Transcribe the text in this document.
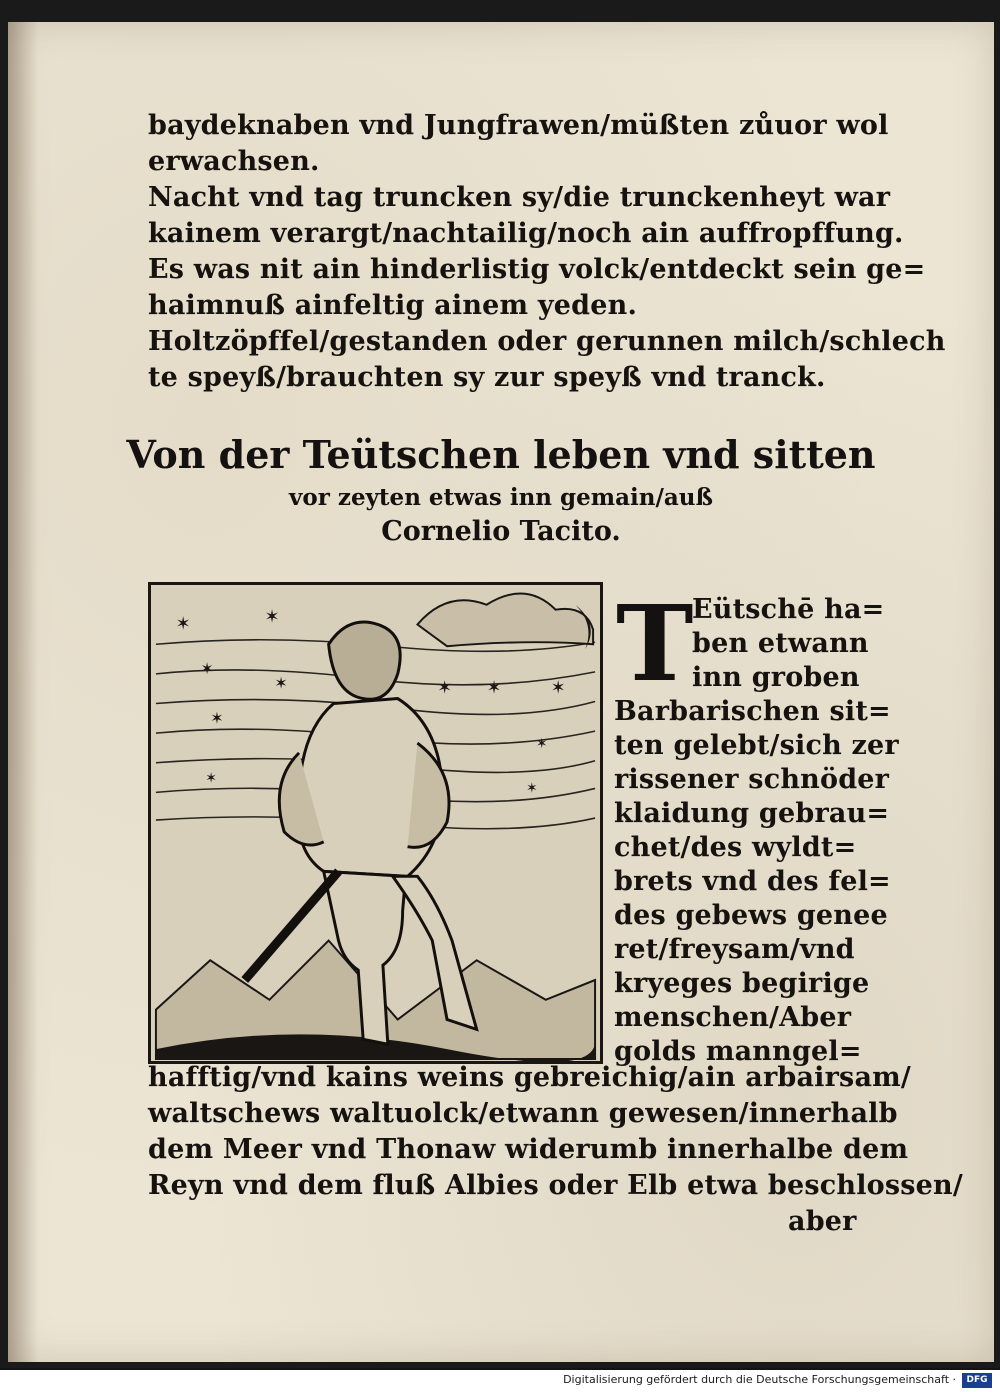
baydeknaben vnd Jungfrawen/müßten zůuor wol
erwachsen.
Nacht vnd tag truncken sy/die trunckenheyt war
kainem verargt/nachtailig/noch ain auffropffung.
Es was nit ain hinderlistig volck/entdeckt sein ge=
haimnuß ainfeltig ainem yeden.
Holtzöpffel/gestanden oder gerunnen milch/schlech
te speyß/brauchten sy zur speyß vnd tranck.
Von der Teütschen leben vnd sitten
vor zeyten etwas inn gemain/auß
Cornelio Tacito.
✶	✶
✶
✶
✶
✶ ✶	✶
✶
✶
✶
T
Eütschē ha=
ben etwann
inn groben
Barbarischen sit=
ten gelebt/sich zer
rissener schnöder
klaidung gebrau=
chet/des wyldt=
brets vnd des fel=
des gebews genee
ret/freysam/vnd
kryeges begirige
menschen/Aber
golds manngel=
hafftig/vnd kains weins gebreichig/ain arbairsam/
waltschews waltuolck/etwann gewesen/innerhalb
dem Meer vnd Thonaw widerumb innerhalbe dem
Reyn vnd dem fluß Albies oder Elb etwa beschlossen/
aber
Digitalisierung gefördert durch die Deutsche Forschungsgemeinschaft ·	DFG
